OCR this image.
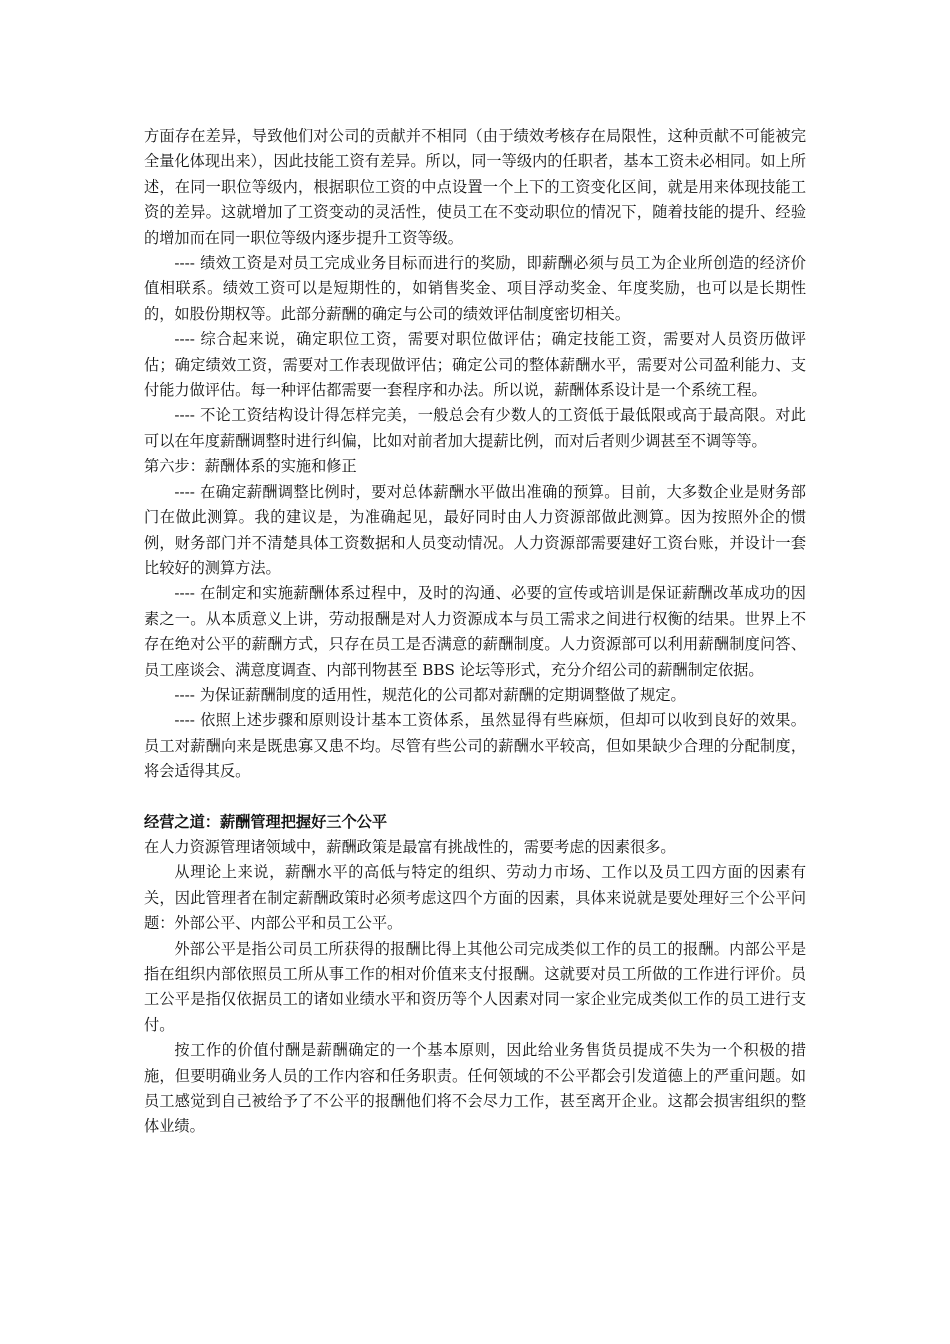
方面存在差异，导致他们对公司的贡献并不相同（由于绩效考核存在局限性，这种贡献不可能被完全量化体现出来），因此技能工资有差异。所以，同一等级内的任职者，基本工资未必相同。如上所述，在同一职位等级内，根据职位工资的中点设置一个上下的工资变化区间，就是用来体现技能工资的差异。这就增加了工资变动的灵活性，使员工在不变动职位的情况下，随着技能的提升、经验的增加而在同一职位等级内逐步提升工资等级。

---- 绩效工资是对员工完成业务目标而进行的奖励，即薪酬必须与员工为企业所创造的经济价值相联系。绩效工资可以是短期性的，如销售奖金、项目浮动奖金、年度奖励，也可以是长期性的，如股份期权等。此部分薪酬的确定与公司的绩效评估制度密切相关。

---- 综合起来说，确定职位工资，需要对职位做评估；确定技能工资，需要对人员资历做评估；确定绩效工资，需要对工作表现做评估；确定公司的整体薪酬水平，需要对公司盈利能力、支付能力做评估。每一种评估都需要一套程序和办法。所以说，薪酬体系设计是一个系统工程。

---- 不论工资结构设计得怎样完美，一般总会有少数人的工资低于最低限或高于最高限。对此可以在年度薪酬调整时进行纠偏，比如对前者加大提薪比例，而对后者则少调甚至不调等等。

第六步：薪酬体系的实施和修正

---- 在确定薪酬调整比例时，要对总体薪酬水平做出准确的预算。目前，大多数企业是财务部门在做此测算。我的建议是，为准确起见，最好同时由人力资源部做此测算。因为按照外企的惯例，财务部门并不清楚具体工资数据和人员变动情况。人力资源部需要建好工资台账，并设计一套比较好的测算方法。

---- 在制定和实施薪酬体系过程中，及时的沟通、必要的宣传或培训是保证薪酬改革成功的因素之一。从本质意义上讲，劳动报酬是对人力资源成本与员工需求之间进行权衡的结果。世界上不存在绝对公平的薪酬方式，只存在员工是否满意的薪酬制度。人力资源部可以利用薪酬制度问答、员工座谈会、满意度调查、内部刊物甚至 BBS 论坛等形式，充分介绍公司的薪酬制定依据。

---- 为保证薪酬制度的适用性，规范化的公司都对薪酬的定期调整做了规定。

---- 依照上述步骤和原则设计基本工资体系，虽然显得有些麻烦，但却可以收到良好的效果。员工对薪酬向来是既患寡又患不均。尽管有些公司的薪酬水平较高，但如果缺少合理的分配制度，将会适得其反。

经营之道：薪酬管理把握好三个公平

在人力资源管理诸领域中，薪酬政策是最富有挑战性的，需要考虑的因素很多。

从理论上来说，薪酬水平的高低与特定的组织、劳动力市场、工作以及员工四方面的因素有关，因此管理者在制定薪酬政策时必须考虑这四个方面的因素，具体来说就是要处理好三个公平问题：外部公平、内部公平和员工公平。

外部公平是指公司员工所获得的报酬比得上其他公司完成类似工作的员工的报酬。内部公平是指在组织内部依照员工所从事工作的相对价值来支付报酬。这就要对员工所做的工作进行评价。员工公平是指仅依据员工的诸如业绩水平和资历等个人因素对同一家企业完成类似工作的员工进行支付。

按工作的价值付酬是薪酬确定的一个基本原则，因此给业务售货员提成不失为一个积极的措施，但要明确业务人员的工作内容和任务职责。任何领域的不公平都会引发道德上的严重问题。如员工感觉到自己被给予了不公平的报酬他们将不会尽力工作，甚至离开企业。这都会损害组织的整体业绩。
